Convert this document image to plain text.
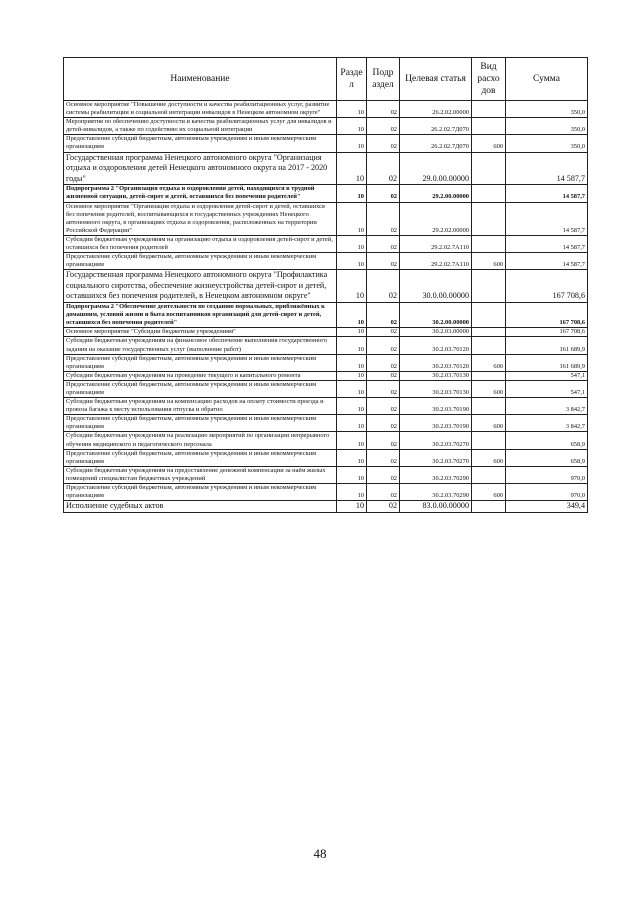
Наименование	Разде л	Подр аздел	Целевая статья	Вид расхо дов	Сумма
Основное мероприятие "Повышение доступности и качества реабилитационных услуг, развитие системы реабилитации и социальной интеграции инвалидов в Ненецком автономном округе"	10	02	26.2.02.00000		350,0
Мероприятия по обеспечению доступности и качества реабилитационных услуг для инвалидов и детей-инвалидов, а также по содействию их социальной интеграции	10	02	26.2.02.7Д070		350,0
Предоставление субсидий бюджетным, автономным учреждениям и иным некоммерческим организациям	10	02	26.2.02.7Д070	600	350,0
Государственная программа Ненецкого автономного округа "Организация отдыха и оздоровления детей Ненецкого автономного округа на 2017 - 2020 годы"	10	02	29.0.00.00000		14 587,7
Подпрограмма 2 "Организация отдыха и оздоровления детей, находящихся в трудной жизненной ситуации, детей-сирот и детей, оставшихся без попечения родителей"	10	02	29.2.00.00000		14 587,7
Основное мероприятие "Организация отдыха и оздоровления детей-сирот и детей, оставшихся без попечения родителей, воспитывающихся в государственных учреждениях Ненецкого автономного округа, в организациях отдыха и оздоровления, расположенных на территории Российской Федерации"	10	02	29.2.02.00000		14 587,7
Субсидии бюджетным учреждениям на организацию отдыха и оздоровления детей-сирот и детей, оставшихся без попечения родителей	10	02	29.2.02.7А110		14 587,7
Предоставление субсидий бюджетным, автономным учреждениям и иным некоммерческим организациям	10	02	29.2.02.7А110	600	14 587,7
Государственная программа Ненецкого автономного округа "Профилактика социального сиротства, обеспечение жизнеустройства детей-сирот и детей, оставшихся без попечения родителей, в Ненецком автономном округе"	10	02	30.0.00.00000		167 708,6
Подпрограмма 2 "Обеспечение деятельности по созданию нормальных, приближённых к домашним, условий жизни и быта воспитанников организаций для детей-сирот и детей, оставшихся без попечения родителей"	10	02	30.2.00.00000		167 708,6
Основное мероприятие "Субсидии бюджетным учреждениям"	10	02	30.2.03.00000		167 708,6
Субсидии бюджетным учреждениям на финансовое обеспечение выполнения государственного задания на оказание государственных услуг (выполнение работ)	10	02	30.2.03.70120		161 689,9
Предоставление субсидий бюджетным, автономным учреждениям и иным некоммерческим организациям	10	02	30.2.03.70120	600	161 689,9
Субсидии бюджетным учреждениям на проведение текущего и капитального ремонта	10	02	30.2.03.70130		547,1
Предоставление субсидий бюджетным, автономным учреждениям и иным некоммерческим организациям	10	02	30.2.03.70130	600	547,1
Субсидии бюджетным учреждениям на компенсацию расходов на оплату стоимости проезда и провоза багажа к месту использования отпуска и обратно	10	02	30.2.03.70190		3 842,7
Предоставление субсидий бюджетным, автономным учреждениям и иным некоммерческим организациям	10	02	30.2.03.70190	600	3 842,7
Субсидии бюджетным учреждениям на реализацию мероприятий по организации непрерывного обучения медицинского и педагогического персонала	10	02	30.2.03.70270		658,9
Предоставление субсидий бюджетным, автономным учреждениям и иным некоммерческим организациям	10	02	30.2.03.70270	600	658,9
Субсидии бюджетным учреждениям на предоставление денежной компенсации за наём жилых помещений специалистам бюджетных учреждений	10	02	30.2.03.70290		970,0
Предоставление субсидий бюджетным, автономным учреждениям и иным некоммерческим организациям	10	02	30.2.03.70290	600	970,0
Исполнение судебных актов	10	02	83.0.00.00000		349,4
48
